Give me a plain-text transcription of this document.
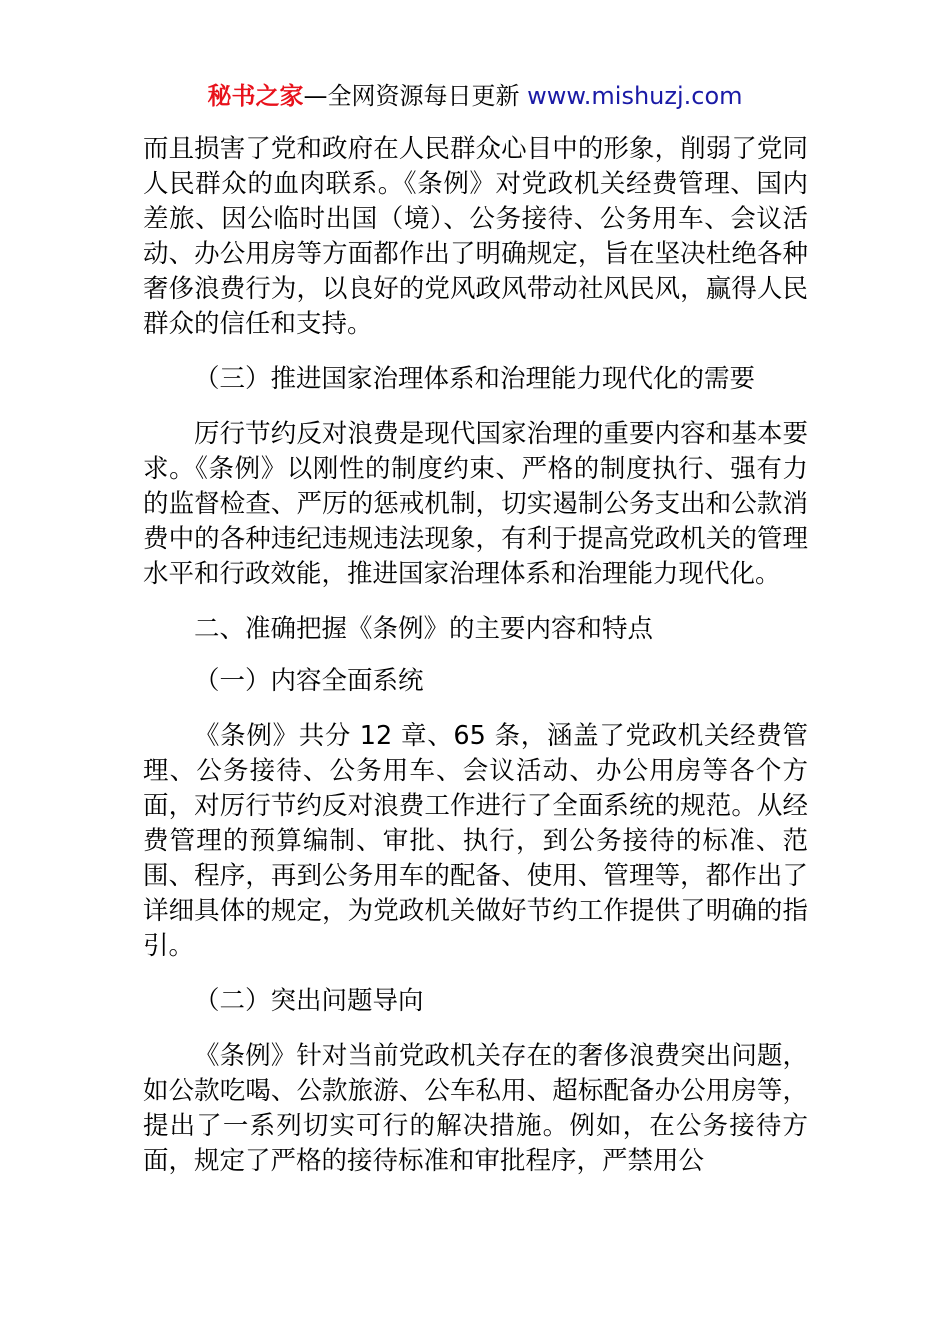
秘书之家—全网资源每日更新 www.mishuzj.com

而且损害了党和政府在人民群众心目中的形象，削弱了党同人民群众的血肉联系。《条例》对党政机关经费管理、国内差旅、因公临时出国（境）、公务接待、公务用车、会议活动、办公用房等方面都作出了明确规定，旨在坚决杜绝各种奢侈浪费行为，以良好的党风政风带动社风民风，赢得人民群众的信任和支持。

（三）推进国家治理体系和治理能力现代化的需要

厉行节约反对浪费是现代国家治理的重要内容和基本要求。《条例》以刚性的制度约束、严格的制度执行、强有力的监督检查、严厉的惩戒机制，切实遏制公务支出和公款消费中的各种违纪违规违法现象，有利于提高党政机关的管理水平和行政效能，推进国家治理体系和治理能力现代化。

二、准确把握《条例》的主要内容和特点

（一）内容全面系统

《条例》共分 12 章、65 条，涵盖了党政机关经费管理、公务接待、公务用车、会议活动、办公用房等各个方面，对厉行节约反对浪费工作进行了全面系统的规范。从经费管理的预算编制、审批、执行，到公务接待的标准、范围、程序，再到公务用车的配备、使用、管理等，都作出了详细具体的规定，为党政机关做好节约工作提供了明确的指引。

（二）突出问题导向

《条例》针对当前党政机关存在的奢侈浪费突出问题，如公款吃喝、公款旅游、公车私用、超标配备办公用房等，提出了一系列切实可行的解决措施。例如，在公务接待方面，规定了严格的接待标准和审批程序，严禁用公
